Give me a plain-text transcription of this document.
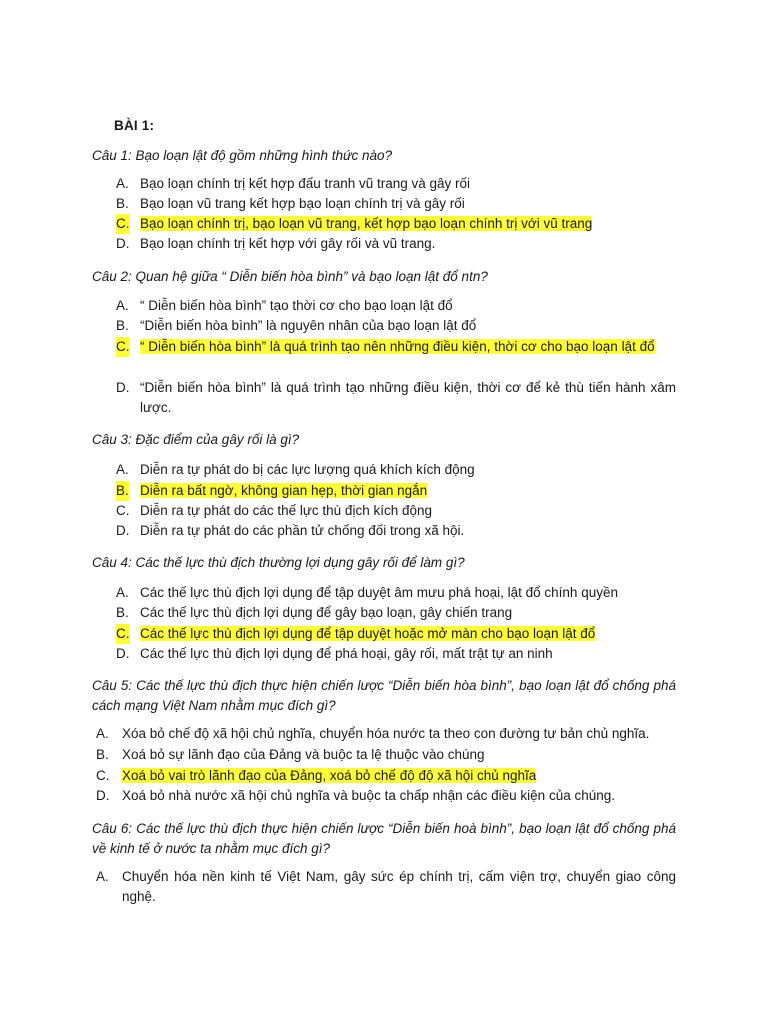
BÀI 1:
Câu 1: Bạo loạn lật độ gồm những hình thức nào?
A. Bạo loạn chính trị kết hợp đấu tranh vũ trang và gây rối
B. Bạo loạn vũ trang kết hợp bạo loạn chính trị và gây rối
C. Bạo loạn chính trị, bạo loạn vũ trang, kết hợp bạo loạn chính trị với vũ trang
D. Bạo loạn chính trị kết hợp với gây rối và vũ trang.
Câu 2: Quan hệ giữa “ Diễn biến hòa bình” và bạo loạn lật đổ ntn?
A. “ Diễn biến hòa bình” tạo thời cơ cho bạo loạn lật đổ
B. “Diễn biến hòa bình” là nguyên nhân của bạo loạn lật đổ
C. “ Diễn biến hòa bình” là quá trình tạo nên những điều kiện, thời cơ cho bạo loạn lật đổ
D. “Diễn biến hòa bình” là quá trình tạo những điều kiện, thời cơ để kẻ thù tiến hành xâm lược.
Câu 3: Đặc điểm của gây rối là gì?
A. Diễn ra tự phát do bị các lực lượng quá khích kích động
B. Diễn ra bất ngờ, không gian hẹp, thời gian ngắn
C. Diễn ra tự phát do các thế lực thù địch kích động
D. Diễn ra tự phát do các phần tử chống đối trong xã hội.
Câu 4: Các thế lực thù địch thường lợi dụng gây rối để làm gì?
A. Các thế lực thù địch lợi dụng để tập duyệt âm mưu phá hoại, lật đổ chính quyền
B. Các thế lực thù địch lợi dụng để gây bạo loạn, gây chiến trang
C. Các thế lực thù địch lợi dụng để tập duyệt hoặc mở màn cho bạo loạn lật đổ
D. Các thế lực thù địch lợi dụng để phá hoại, gây rối, mất trật tự an ninh
Câu 5: Các thế lực thù địch thực hiện chiến lược “Diễn biến hòa bình”, bạo loạn lật đổ chống phá cách mạng Việt Nam nhằm mục đích gì?
A. Xóa bỏ chế độ xã hội chủ nghĩa, chuyển hóa nước ta theo con đường tư bản chủ nghĩa.
B. Xoá bỏ sự lãnh đạo của Đảng và buộc ta lệ thuộc vào chúng
C. Xoá bỏ vai trò lãnh đạo của Đảng, xoá bỏ chế độ độ xã hội chủ nghĩa
D. Xoá bỏ nhà nước xã hội chủ nghĩa và buộc ta chấp nhận các điều kiện của chúng.
Câu 6: Các thế lực thù địch thực hiện chiến lược “Diễn biến hoà bình”, bạo loạn lật đổ chống phá về kinh tế ở nước ta nhằm mục đích gì?
A. Chuyển hóa nền kinh tế Việt Nam, gây sức ép chính trị, cấm viện trợ, chuyển giao công nghệ.
